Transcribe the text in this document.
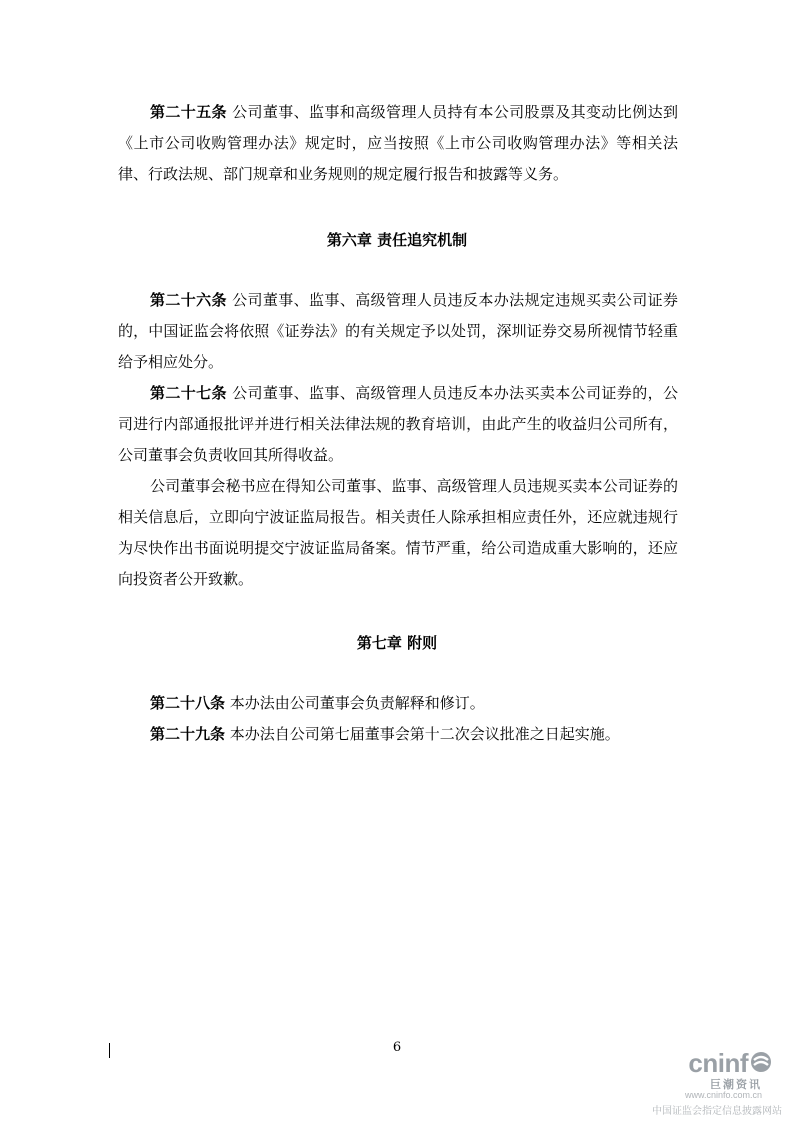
第二十五条 公司董事、监事和高级管理人员持有本公司股票及其变动比例达到《上市公司收购管理办法》规定时，应当按照《上市公司收购管理办法》等相关法律、行政法规、部门规章和业务规则的规定履行报告和披露等义务。

第六章 责任追究机制

第二十六条 公司董事、监事、高级管理人员违反本办法规定违规买卖公司证券的，中国证监会将依照《证券法》的有关规定予以处罚，深圳证券交易所视情节轻重给予相应处分。

第二十七条 公司董事、监事、高级管理人员违反本办法买卖本公司证券的，公司进行内部通报批评并进行相关法律法规的教育培训，由此产生的收益归公司所有，公司董事会负责收回其所得收益。

公司董事会秘书应在得知公司董事、监事、高级管理人员违规买卖本公司证券的相关信息后，立即向宁波证监局报告。相关责任人除承担相应责任外，还应就违规行为尽快作出书面说明提交宁波证监局备案。情节严重，给公司造成重大影响的，还应向投资者公开致歉。

第七章 附则

第二十八条 本办法由公司董事会负责解释和修订。

第二十九条 本办法自公司第七届董事会第十二次会议批准之日起实施。

6
cninf
巨潮资讯
www.cninfo.com.cn
中国证监会指定信息披露网站
